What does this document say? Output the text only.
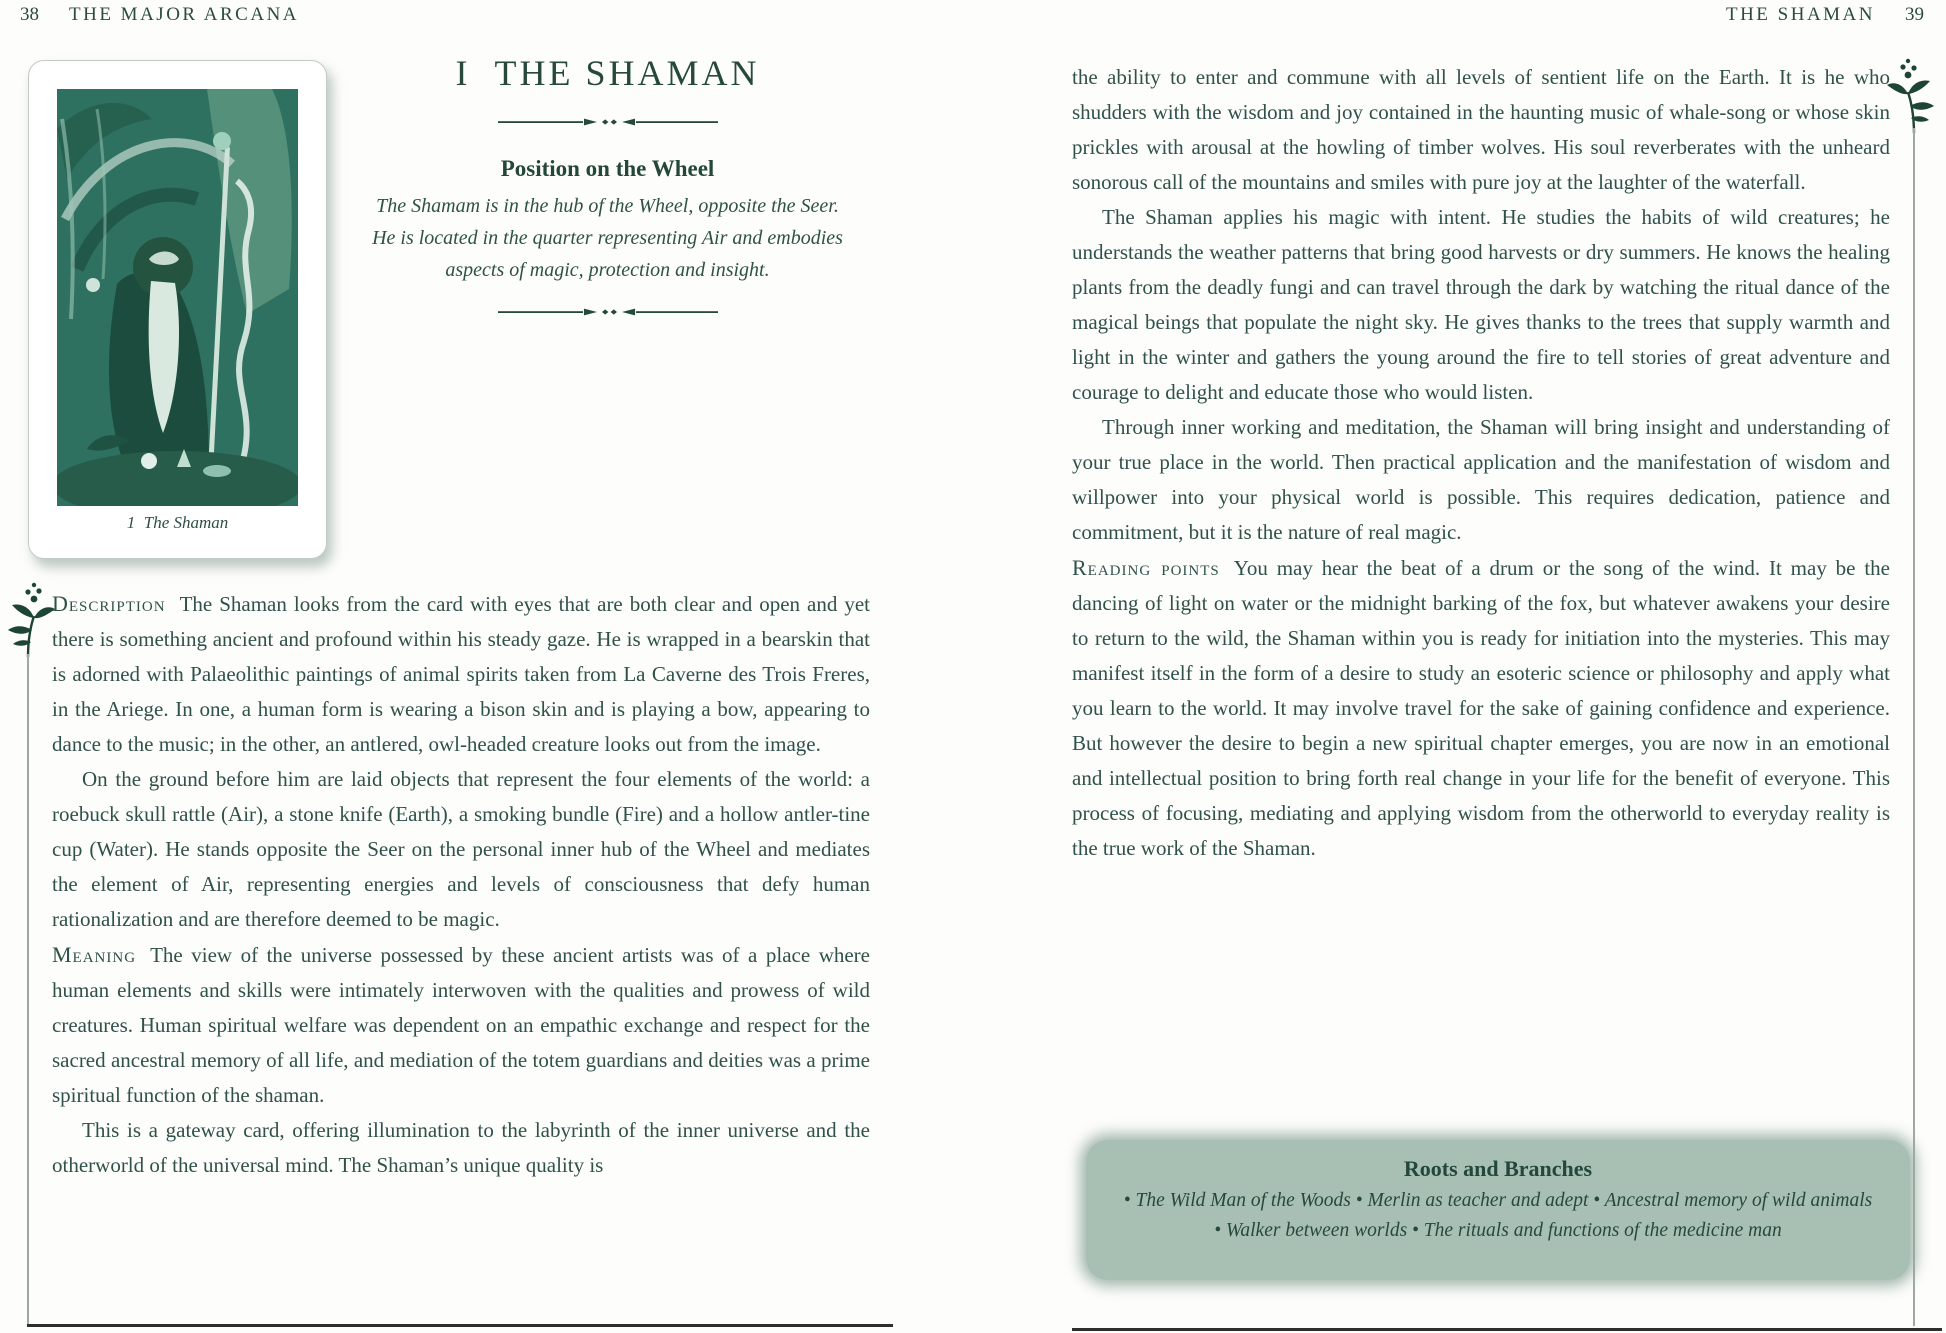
38 THE MAJOR ARCANA	THE SHAMAN 39
1  The Shaman
I  THE SHAMAN
Position on the Wheel
The Shamam is in the hub of the Wheel, opposite the Seer. He is located in the quarter representing Air and embodies aspects of magic, protection and insight.

Description The Shaman looks from the card with eyes that are both clear and open and yet there is something ancient and profound within his steady gaze. He is wrapped in a bearskin that is adorned with Palaeolithic paintings of animal spirits taken from La Caverne des Trois Freres, in the Ariege. In one, a human form is wearing a bison skin and is playing a bow, appearing to dance to the music; in the other, an antlered, owl-headed creature looks out from the image.

On the ground before him are laid objects that represent the four elements of the world: a roebuck skull rattle (Air), a stone knife (Earth), a smoking bundle (Fire) and a hollow antler-tine cup (Water). He stands opposite the Seer on the personal inner hub of the Wheel and mediates the element of Air, representing energies and levels of consciousness that defy human rationalization and are therefore deemed to be magic.

Meaning The view of the universe possessed by these ancient artists was of a place where human elements and skills were intimately interwoven with the qualities and prowess of wild creatures. Human spiritual welfare was dependent on an empathic exchange and respect for the sacred ancestral memory of all life, and mediation of the totem guardians and deities was a prime spiritual function of the shaman.

This is a gateway card, offering illumination to the labyrinth of the inner universe and the otherworld of the universal mind. The Shaman’s unique quality is

the ability to enter and commune with all levels of sentient life on the Earth. It is he who shudders with the wisdom and joy contained in the haunting music of whale-song or whose skin prickles with arousal at the howling of timber wolves. His soul reverberates with the unheard sonorous call of the mountains and smiles with pure joy at the laughter of the waterfall.

The Shaman applies his magic with intent. He studies the habits of wild creatures; he understands the weather patterns that bring good harvests or dry summers. He knows the healing plants from the deadly fungi and can travel through the dark by watching the ritual dance of the magical beings that populate the night sky. He gives thanks to the trees that supply warmth and light in the winter and gathers the young around the fire to tell stories of great adventure and courage to delight and educate those who would listen.

Through inner working and meditation, the Shaman will bring insight and understanding of your true place in the world. Then practical application and the manifestation of wisdom and willpower into your physical world is possible. This requires dedication, patience and commitment, but it is the nature of real magic.

Reading points You may hear the beat of a drum or the song of the wind. It may be the dancing of light on water or the midnight barking of the fox, but whatever awakens your desire to return to the wild, the Shaman within you is ready for initiation into the mysteries. This may manifest itself in the form of a desire to study an esoteric science or philosophy and apply what you learn to the world. It may involve travel for the sake of gaining confidence and experience. But however the desire to begin a new spiritual chapter emerges, you are now in an emotional and intellectual position to bring forth real change in your life for the benefit of everyone. This process of focusing, mediating and applying wisdom from the otherworld to everyday reality is the true work of the Shaman.

Roots and Branches
• The Wild Man of the Woods • Merlin as teacher and adept • Ancestral memory of wild animals
• Walker between worlds • The rituals and functions of the medicine man
